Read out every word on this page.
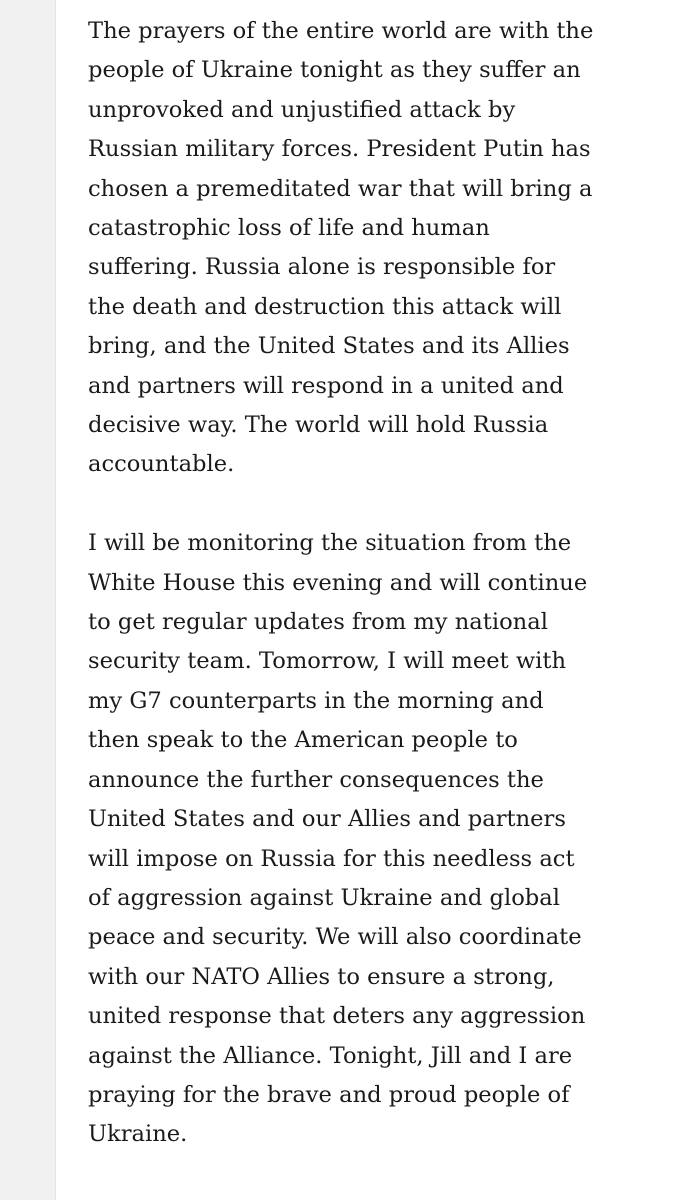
The prayers of the entire world are with the
people of Ukraine tonight as they suffer an
unprovoked and unjustified attack by
Russian military forces. President Putin has
chosen a premeditated war that will bring a
catastrophic loss of life and human
suffering. Russia alone is responsible for
the death and destruction this attack will
bring, and the United States and its Allies
and partners will respond in a united and
decisive way. The world will hold Russia
accountable.

I will be monitoring the situation from the
White House this evening and will continue
to get regular updates from my national
security team. Tomorrow, I will meet with
my G7 counterparts in the morning and
then speak to the American people to
announce the further consequences the
United States and our Allies and partners
will impose on Russia for this needless act
of aggression against Ukraine and global
peace and security. We will also coordinate
with our NATO Allies to ensure a strong,
united response that deters any aggression
against the Alliance. Tonight, Jill and I are
praying for the brave and proud people of
Ukraine.
